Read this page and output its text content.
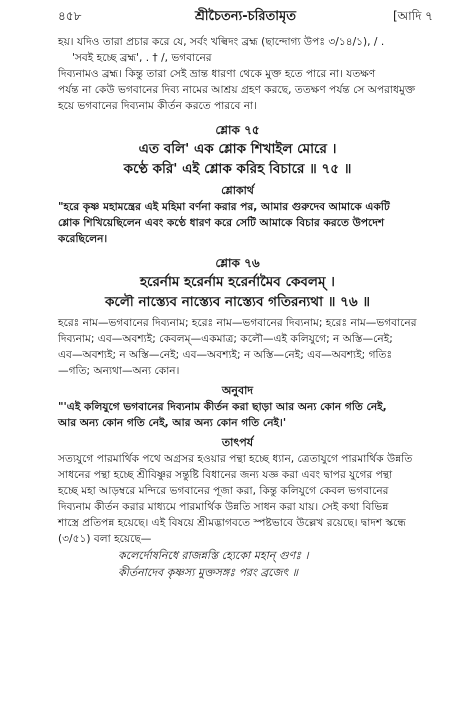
৪৫৮	শ্রীচৈতন্য-চরিতামৃত	[আদি ৭

হয়। যদিও তারা প্রচার করে যে, সর্বং খল্বিদং ব্রহ্ম (ছান্দোগ্য উপঃ ৩/১৪/১), / .

'সবই হচ্ছে ব্রহ্ম', . † /, ভগবানের

দিব্যনামও ব্রহ্ম। কিন্তু তারা সেই ভ্রান্ত ধারণা থেকে মুক্ত হতে পারে না। যতক্ষণ

পর্যন্ত না কেউ ভগবানের দিব্য নামের আশ্রয় গ্রহণ করছে, ততক্ষণ পর্যন্ত সে অপরাধমুক্ত

হয়ে ভগবানের দিব্যনাম কীর্তন করতে পারবে না।

শ্লোক ৭৫
এত বলি' এক শ্লোক শিখাইল মোরে ।
কণ্ঠে করি' এই শ্লোক করিহ বিচারে ॥ ৭৫ ॥
শ্লোকার্থ

"হরে কৃষ্ণ মহামন্ত্রের এই মহিমা বর্ণনা করার পর, আমার গুরুদেব আমাকে একটি

শ্লোক শিখিয়েছিলেন এবং কণ্ঠে ধারণ করে সেটি আমাকে বিচার করতে উপদেশ

করেছিলেন।

শ্লোক ৭৬
হরের্নাম হরের্নাম হরের্নামৈব কেবলম্ ।
কলৌ নাস্ত্যেব নাস্ত্যেব নাস্ত্যেব গতিরন্যথা ॥ ৭৬ ॥

হরেঃ নাম—ভগবানের দিব্যনাম; হরেঃ নাম—ভগবানের দিব্যনাম; হরেঃ নাম—ভগবানের

দিব্যনাম; এব—অবশ্যই; কেবলম্—একমাত্র; কলৌ—এই কলিযুগে; ন অস্তি—নেই;

এব—অবশ্যই; ন অস্তি—নেই; এব—অবশ্যই; ন অস্তি—নেই; এব—অবশ্যই; গতিঃ

—গতি; অন্যথা—অন্য কোন।

অনুবাদ

"'এই কলিযুগে ভগবানের দিব্যনাম কীর্তন করা ছাড়া আর অন্য কোন গতি নেই,

আর অন্য কোন গতি নেই, আর অন্য কোন গতি নেই।'

তাৎপর্য

সত্যযুগে পারমার্থিক পথে অগ্রসর হওয়ার পন্থা হচ্ছে ধ্যান, ত্রেতাযুগে পারমার্থিক উন্নতি

সাধনের পন্থা হচ্ছে শ্রীবিষ্ণুর সন্তুষ্টি বিধানের জন্য যজ্ঞ করা এবং দ্বাপর যুগের পন্থা

হচ্ছে মহা আড়ম্বরে মন্দিরে ভগবানের পূজা করা, কিন্তু কলিযুগে কেবল ভগবানের

দিব্যনাম কীর্তন করার মাধ্যমে পারমার্থিক উন্নতি সাধন করা যায়। সেই কথা বিভিন্ন

শাস্ত্রে প্রতিপন্ন হয়েছে। এই বিষয়ে শ্রীমদ্ভাগবতে স্পষ্টভাবে উল্লেখ রয়েছে। দ্বাদশ স্কন্ধে

(৩/৫১) বলা হয়েছে—

কলের্দোষনিধে রাজন্নস্তি হ্যেকো মহান্ গুণঃ ।
কীর্তনাদেব কৃষ্ণস্য মুক্তসঙ্গঃ পরং ব্রজেৎ ॥
